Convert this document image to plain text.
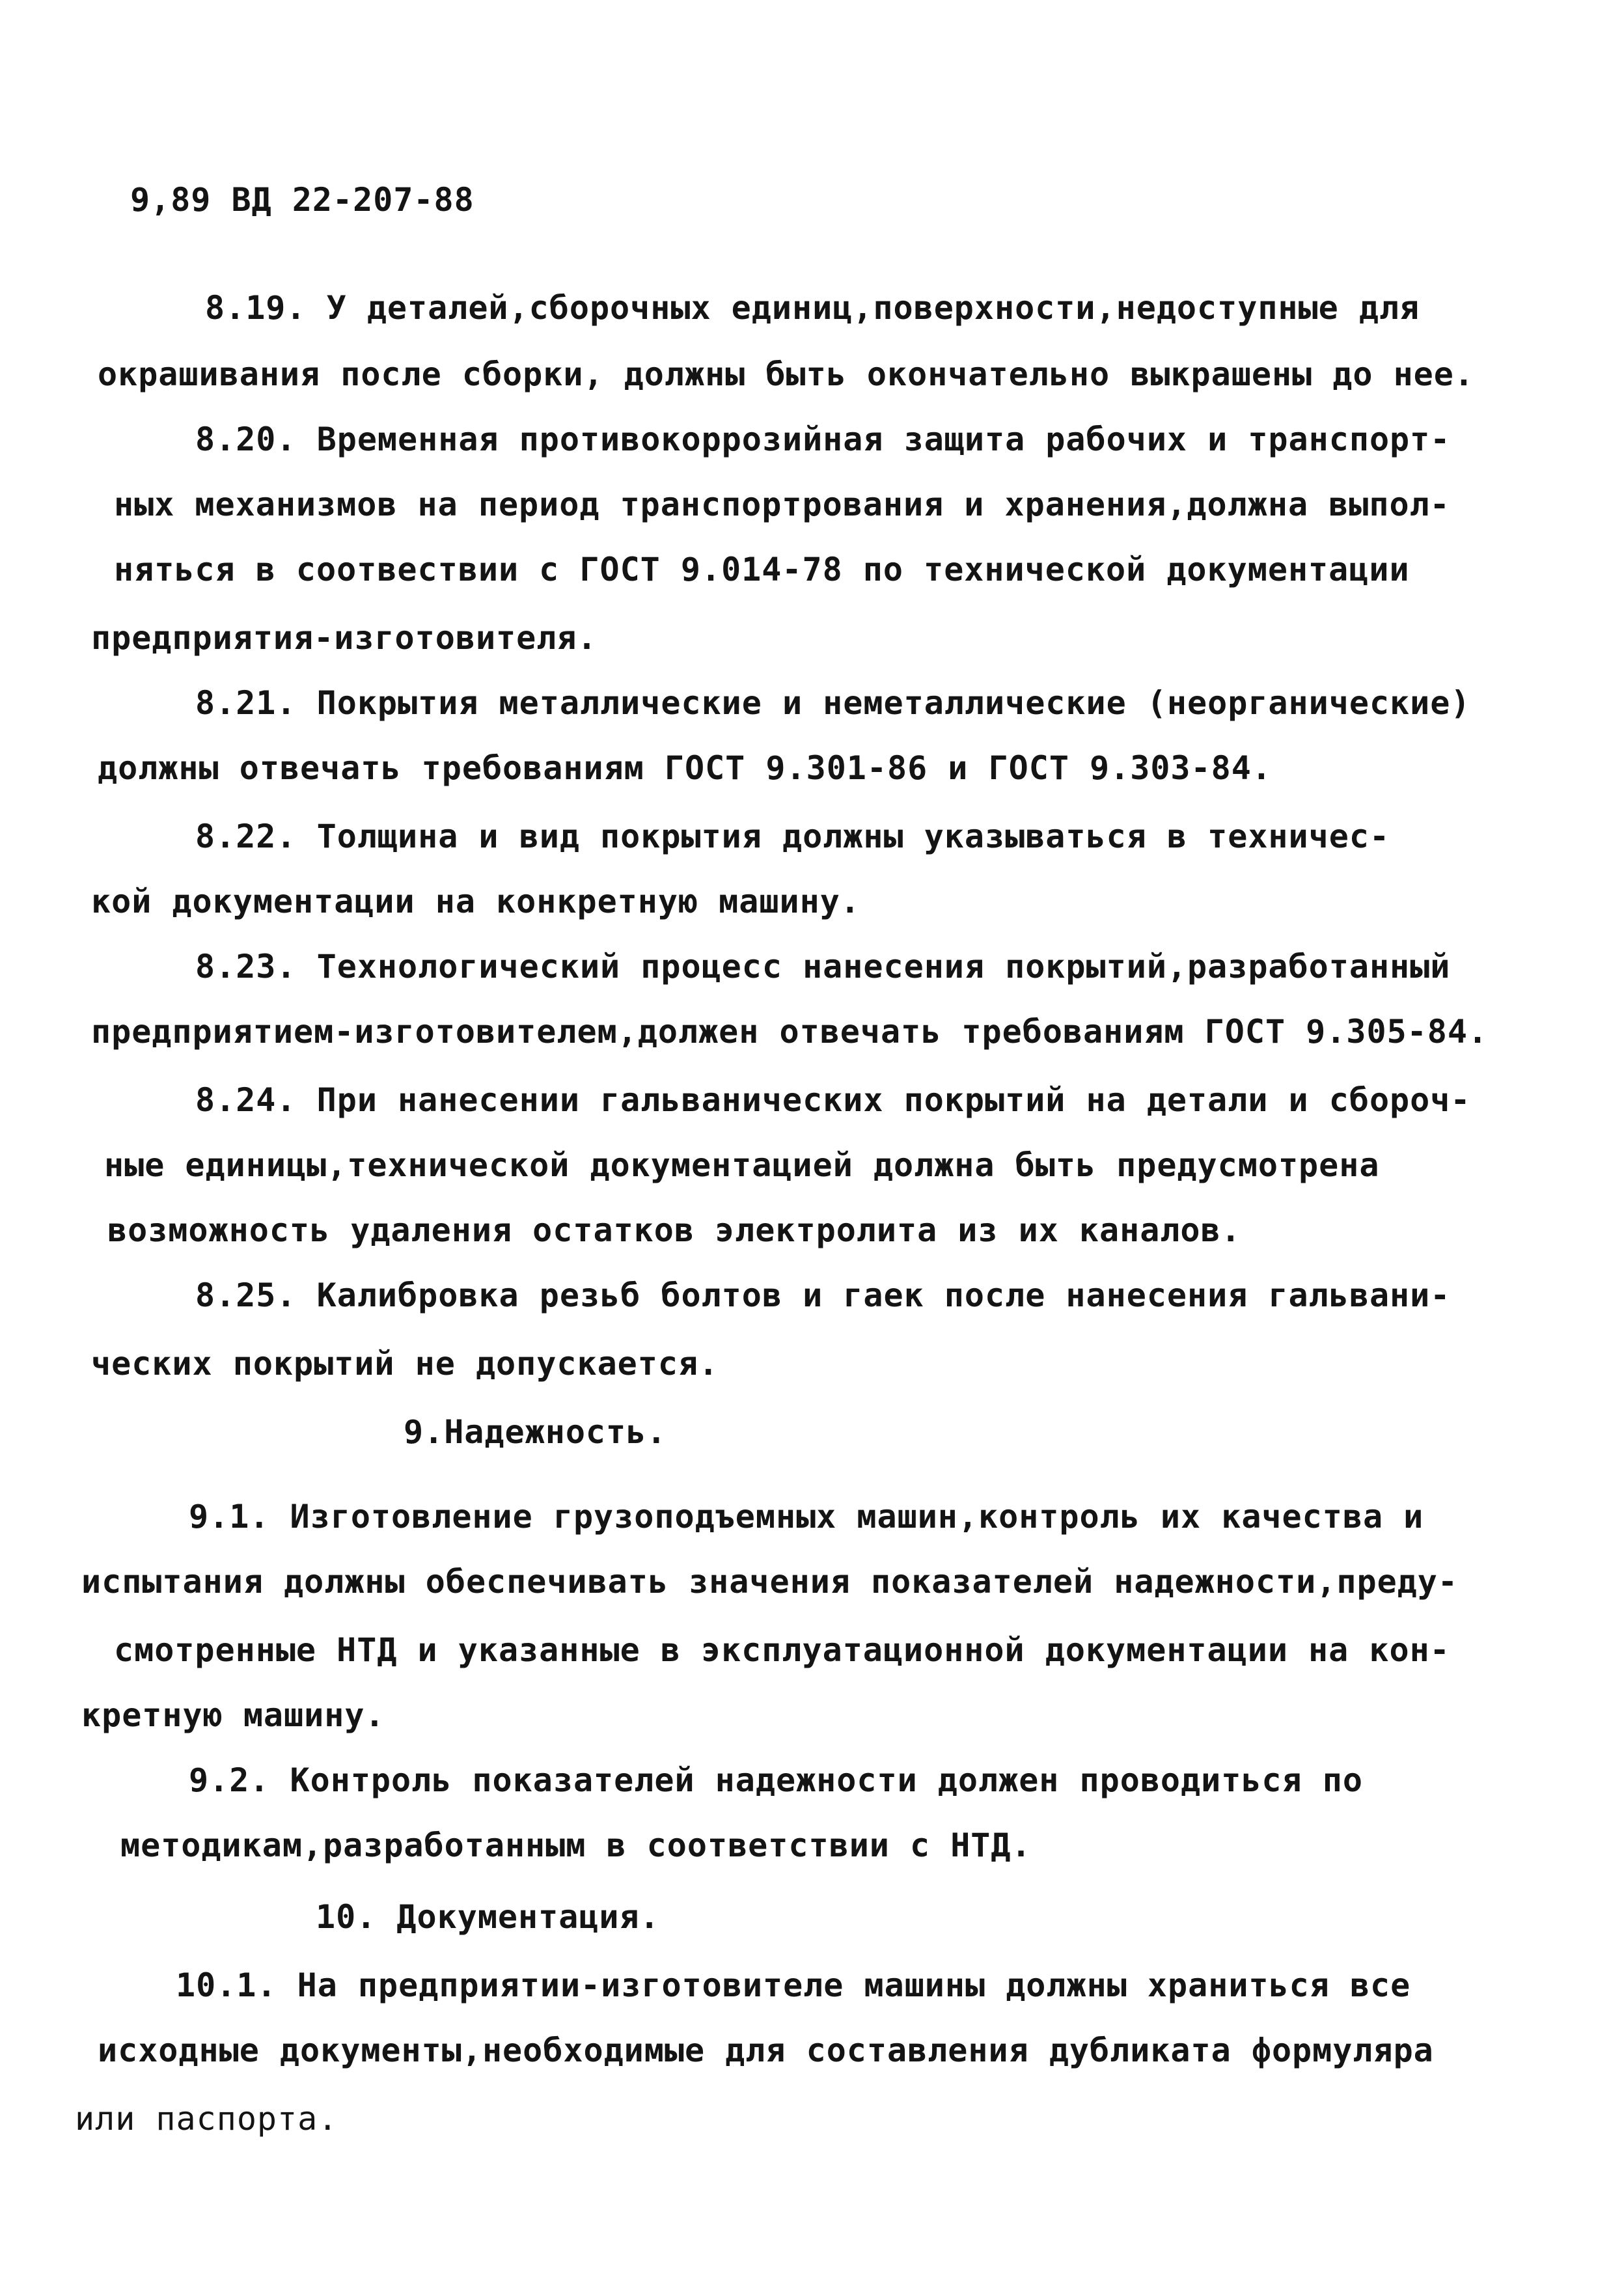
9,89 ВД 22-207-88
8.19. У деталей,сборочных единиц,поверхности,недоступные для
окрашивания после сборки, должны быть окончательно выкрашены до нее.
8.20. Временная противокоррозийная защита рабочих и транспорт-
ных механизмов на период транспортрования и хранения,должна выпол-
няться в соотвеcтвии с ГОСТ 9.014-78 по технической документации
предприятия-изготовителя.
8.21. Покрытия металлические и неметаллические (неорганические)
должны отвечать требованиям ГОСТ 9.301-86 и ГОСТ 9.303-84.
8.22. Толщина и вид покрытия должны указываться в техничес-
кой документации на конкретную машину.
8.23. Технологический процесс нанесения покрытий,разработанный
предприятием-изготовителем,должен отвечать требованиям ГОСТ 9.305-84.
8.24. При нанесении гальванических покрытий на детали и сбороч-
ные единицы,технической документацией должна быть предусмотрена
возможность удаления остатков электролита из их каналов.
8.25. Калибровка резьб болтов и гаек после нанесения гальвани-
ческих покрытий не допускается.
9.Надежность.
9.1. Изготовление грузоподъемных машин,контроль их качества и
испытания должны обеспечивать значения показателей надежности,преду-
смотренные НТД и указанные в эксплуатационной документации на кон-
кретную машину.
9.2. Контроль показателей надежности должен проводиться по
методикам,разработанным в соответствии с НТД.
10. Документация.
10.1. На предприятии-изготовителе машины должны храниться все
исходные документы,необходимые для составления дубликата формуляра
или паспорта.
